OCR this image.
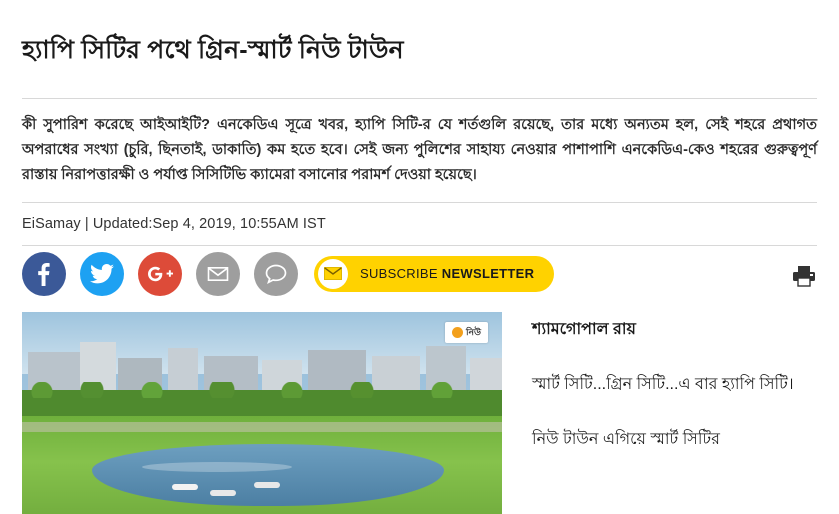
হ্যাপি সিটির পথে গ্রিন-স্মার্ট নিউ টাউন
কী সুপারিশ করেছে আইআইটি? এনকেডিএ সূত্রে খবর, হ্যাপি সিটি-র যে শর্তগুলি রয়েছে, তার মধ্যে অন্যতম হল, সেই শহরে প্রথাগত অপরাধের সংখ্যা (চুরি, ছিনতাই, ডাকাতি) কম হতে হবে। সেই জন্য পুলিশের সাহায্য নেওয়ার পাশাপাশি এনকেডিএ-কেও শহরের গুরুত্বপূর্ণ রাস্তায় নিরাপত্তারক্ষী ও পর্যাপ্ত সিসিটিভি ক্যামেরা বসানোর পরামর্শ দেওয়া হয়েছে।
EiSamay | Updated:Sep 4, 2019, 10:55AM IST
SUBSCRIBE NEWSLETTER
নিউ	শ্যামগোপাল রায়

স্মার্ট সিটি...গ্রিন সিটি...এ বার হ্যাপি সিটি।

নিউ টাউন এগিয়ে স্মার্ট সিটির
